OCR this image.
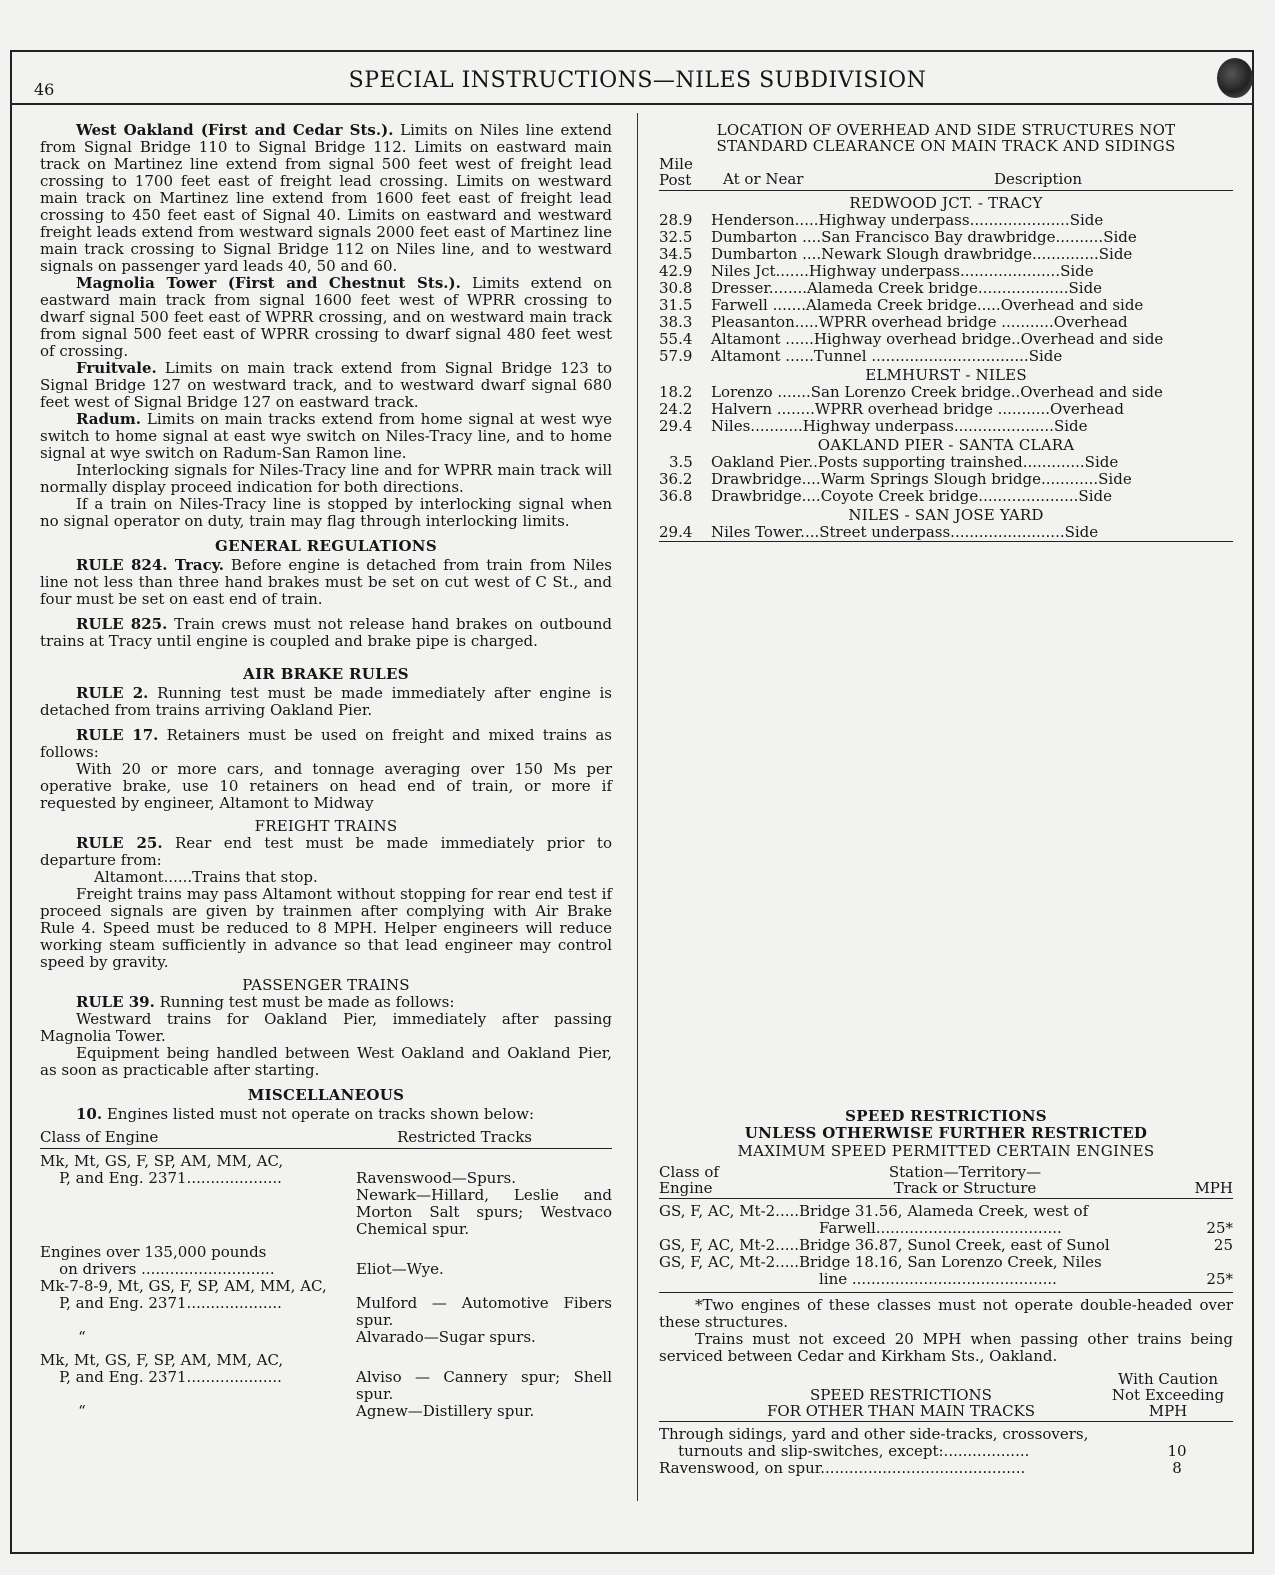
46	SPECIAL INSTRUCTIONS—NILES SUBDIVISION

West Oakland (First and Cedar Sts.). Limits on Niles line extend from Signal Bridge 110 to Signal Bridge 112. Limits on eastward main track on Martinez line extend from signal 500 feet west of freight lead crossing to 1700 feet east of freight lead crossing. Limits on westward main track on Martinez line extend from 1600 feet east of freight lead crossing to 450 feet east of Signal 40. Limits on eastward and westward freight leads extend from westward signals 2000 feet east of Martinez line main track crossing to Signal Bridge 112 on Niles line, and to westward signals on passenger yard leads 40, 50 and 60.

Magnolia Tower (First and Chestnut Sts.). Limits extend on eastward main track from signal 1600 feet west of WPRR crossing to dwarf signal 500 feet east of WPRR crossing, and on westward main track from signal 500 feet east of WPRR crossing to dwarf signal 480 feet west of crossing.

Fruitvale. Limits on main track extend from Signal Bridge 123 to Signal Bridge 127 on westward track, and to westward dwarf signal 680 feet west of Signal Bridge 127 on eastward track.

Radum. Limits on main tracks extend from home signal at west wye switch to home signal at east wye switch on Niles-Tracy line, and to home signal at wye switch on Radum-San Ramon line.

Interlocking signals for Niles-Tracy line and for WPRR main track will normally display proceed indication for both directions.

If a train on Niles-Tracy line is stopped by interlocking signal when no signal operator on duty, train may flag through interlocking limits.

GENERAL REGULATIONS

RULE 824. Tracy. Before engine is detached from train from Niles line not less than three hand brakes must be set on cut west of C St., and four must be set on east end of train.

RULE 825. Train crews must not release hand brakes on outbound trains at Tracy until engine is coupled and brake pipe is charged.

AIR BRAKE RULES

RULE 2. Running test must be made immediately after engine is detached from trains arriving Oakland Pier.

RULE 17. Retainers must be used on freight and mixed trains as follows:

With 20 or more cars, and tonnage averaging over 150 Ms per operative brake, use 10 retainers on head end of train, or more if requested by engineer, Altamont to Midway

FREIGHT TRAINS

RULE 25. Rear end test must be made immediately prior to departure from:

Altamont......Trains that stop.

Freight trains may pass Altamont without stopping for rear end test if proceed signals are given by trainmen after complying with Air Brake Rule 4. Speed must be reduced to 8 MPH. Helper engineers will reduce working steam sufficiently in advance so that lead engineer may control speed by gravity.

PASSENGER TRAINS

RULE 39. Running test must be made as follows:

Westward trains for Oakland Pier, immediately after passing Magnolia Tower.

Equipment being handled between West Oakland and Oakland Pier, as soon as practicable after starting.

MISCELLANEOUS

10. Engines listed must not operate on tracks shown below:

Class of Engine	Restricted Tracks
Mk, Mt, GS, F, SP, AM, MM, AC,
P, and Eng. 2371....................	Ravenswood—Spurs.
Newark—Hillard, Leslie and Morton Salt spurs; Westvaco Chemical spur.
Engines over 135,000 pounds
on drivers ............................	Eliot—Wye.
Mk-7-8-9, Mt, GS, F, SP, AM, MM, AC,
P, and Eng. 2371....................	Mulford — Automotive Fibers spur.
“	Alvarado—Sugar spurs.
Mk, Mt, GS, F, SP, AM, MM, AC,
P, and Eng. 2371....................	Alviso — Cannery spur; Shell spur.
“	Agnew—Distillery spur.

LOCATION OF OVERHEAD AND SIDE STRUCTURES NOT

STANDARD CLEARANCE ON MAIN TRACK AND SIDINGS

Mile
Post	At or Near	Description
REDWOOD JCT. - TRACY
28.9	Henderson.....Highway underpass.....................Side
32.5	Dumbarton ....San Francisco Bay drawbridge..........Side
34.5	Dumbarton ....Newark Slough drawbridge..............Side
42.9	Niles Jct.......Highway underpass.....................Side
30.8	Dresser........Alameda Creek bridge...................Side
31.5	Farwell .......Alameda Creek bridge.....Overhead and side
38.3	Pleasanton.....WPRR overhead bridge ...........Overhead
55.4	Altamont ......Highway overhead bridge..Overhead and side
57.9	Altamont ......Tunnel .................................Side
ELMHURST - NILES
18.2	Lorenzo .......San Lorenzo Creek bridge..Overhead and side
24.2	Halvern ........WPRR overhead bridge ...........Overhead
29.4	Niles...........Highway underpass.....................Side
OAKLAND PIER - SANTA CLARA
3.5	Oakland Pier..Posts supporting trainshed.............Side
36.2	Drawbridge....Warm Springs Slough bridge............Side
36.8	Drawbridge....Coyote Creek bridge.....................Side
NILES - SAN JOSE YARD
29.4	Niles Tower....Street underpass........................Side
SPEED RESTRICTIONS
UNLESS OTHERWISE FURTHER RESTRICTED
MAXIMUM SPEED PERMITTED CERTAIN ENGINES
Class of
Engine
Station—Territory—
Track or Structure	MPH
GS, F, AC, Mt-2.....Bridge 31.56, Alameda Creek, west of
Farwell.......................................	25*
GS, F, AC, Mt-2.....Bridge 36.87, Sunol Creek, east of Sunol	25
GS, F, AC, Mt-2.....Bridge 18.16, San Lorenzo Creek, Niles
line ...........................................	25*

*Two engines of these classes must not operate double-headed over these structures.

Trains must not exceed 20 MPH when passing other trains being serviced between Cedar and Kirkham Sts., Oakland.

SPEED RESTRICTIONS
FOR OTHER THAN MAIN TRACKS
With Caution
Not Exceeding
MPH
Through sidings, yard and other side-tracks, crossovers,
turnouts and slip-switches, except:..................	10
Ravenswood, on spur...........................................	8
